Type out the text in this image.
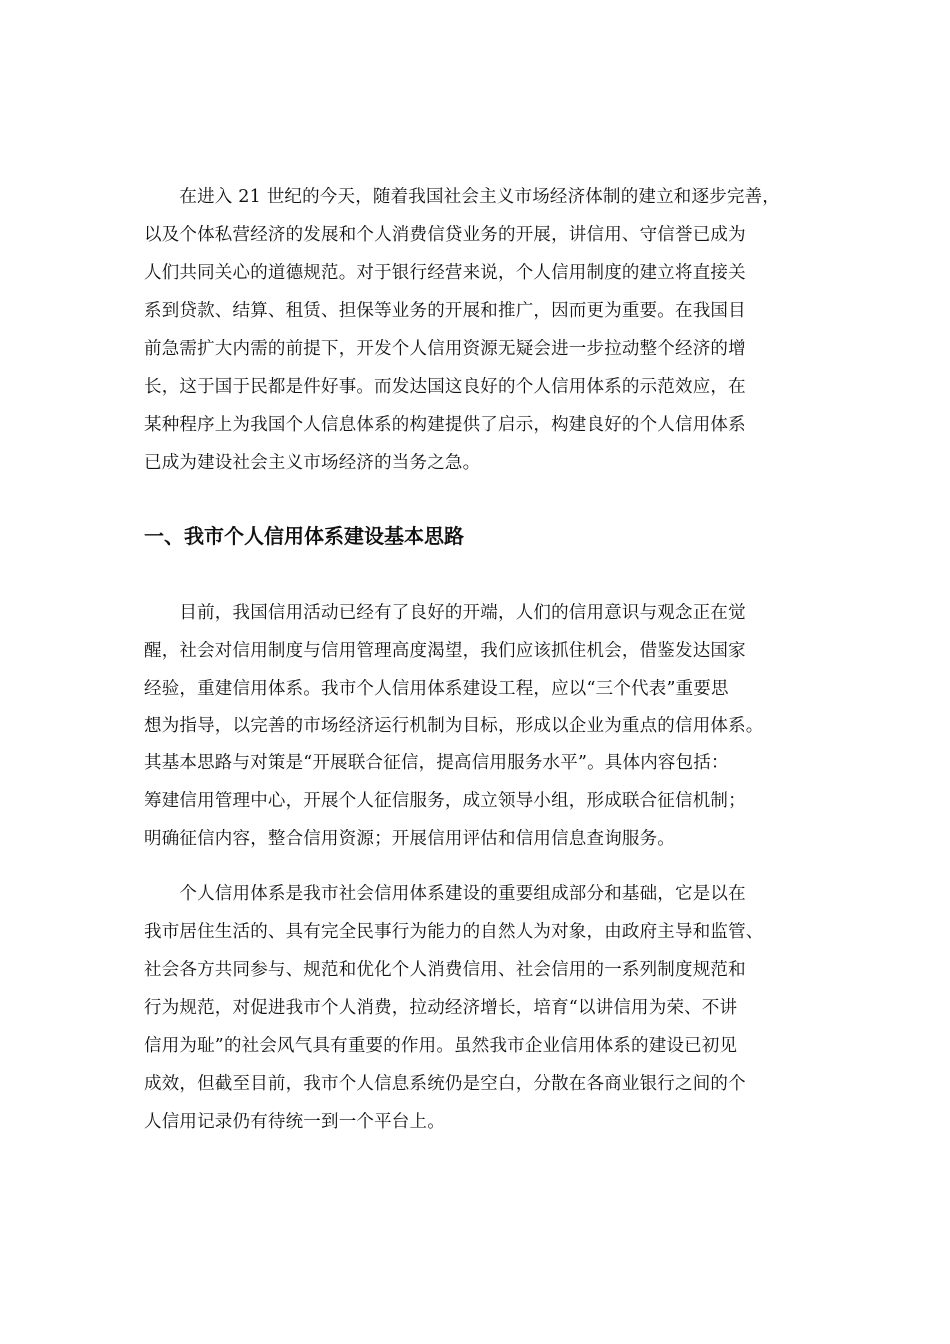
　　在进入 21 世纪的今天，随着我国社会主义市场经济体制的建立和逐步完善，
以及个体私营经济的发展和个人消费信贷业务的开展，讲信用、守信誉已成为
人们共同关心的道德规范。对于银行经营来说，个人信用制度的建立将直接关
系到贷款、结算、租赁、担保等业务的开展和推广，因而更为重要。在我国目
前急需扩大内需的前提下，开发个人信用资源无疑会进一步拉动整个经济的增
长，这于国于民都是件好事。而发达国这良好的个人信用体系的示范效应，在
某种程序上为我国个人信息体系的构建提供了启示，构建良好的个人信用体系
已成为建设社会主义市场经济的当务之急。
一、我市个人信用体系建设基本思路
　　目前，我国信用活动已经有了良好的开端，人们的信用意识与观念正在觉
醒，社会对信用制度与信用管理高度渴望，我们应该抓住机会，借鉴发达国家
经验，重建信用体系。我市个人信用体系建设工程，应以“三个代表”重要思
想为指导，以完善的市场经济运行机制为目标，形成以企业为重点的信用体系。
其基本思路与对策是“开展联合征信，提高信用服务水平”。具体内容包括：
筹建信用管理中心，开展个人征信服务，成立领导小组，形成联合征信机制；
明确征信内容，整合信用资源；开展信用评估和信用信息查询服务。
　　个人信用体系是我市社会信用体系建设的重要组成部分和基础，它是以在
我市居住生活的、具有完全民事行为能力的自然人为对象，由政府主导和监管、
社会各方共同参与、规范和优化个人消费信用、社会信用的一系列制度规范和
行为规范，对促进我市个人消费，拉动经济增长，培育“以讲信用为荣、不讲
信用为耻”的社会风气具有重要的作用。虽然我市企业信用体系的建设已初见
成效，但截至目前，我市个人信息系统仍是空白，分散在各商业银行之间的个
人信用记录仍有待统一到一个平台上。
